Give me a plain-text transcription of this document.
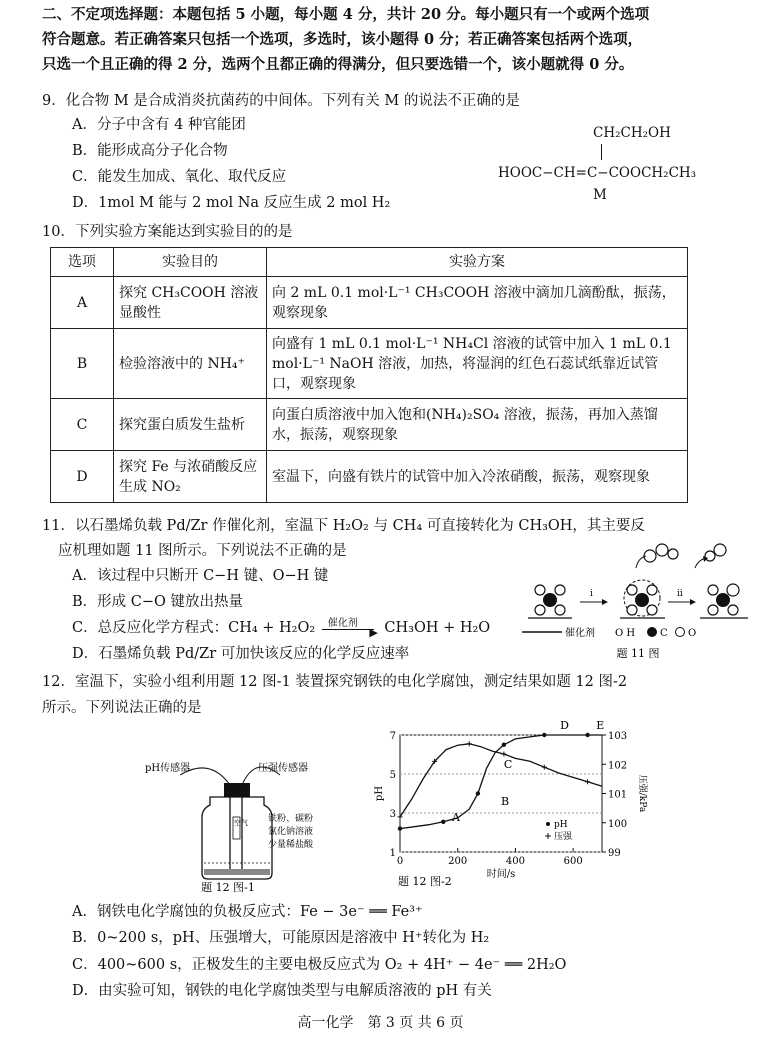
二、不定项选择题：本题包括 5 小题，每小题 4 分，共计 20 分。每小题只有一个或两个选项
符合题意。若正确答案只包括一个选项，多选时，该小题得 0 分；若正确答案包括两个选项，
只选一个且正确的得 2 分，选两个且都正确的得满分，但只要选错一个，该小题就得 0 分。
9．化合物 M 是合成消炎抗菌药的中间体。下列有关 M 的说法不正确的是
A．分子中含有 4 种官能团
B．能形成高分子化合物
C．能发生加成、氧化、取代反应
D．1mol M 能与 2 mol Na 反应生成 2 mol H₂
CH₂CH₂OH
HOOC−CH=C−COOCH₂CH₃
M
10．下列实验方案能达到实验目的的是
选项	实验目的	实验方案
A	探究 CH₃COOH 溶液显酸性	向 2 mL 0.1 mol·L⁻¹ CH₃COOH 溶液中滴加几滴酚酞，振荡，观察现象
B	检验溶液中的 NH₄⁺	向盛有 1 mL 0.1 mol·L⁻¹ NH₄Cl 溶液的试管中加入 1 mL 0.1 mol·L⁻¹ NaOH 溶液，加热，将湿润的红色石蕊试纸靠近试管口，观察现象
C	探究蛋白质发生盐析	向蛋白质溶液中加入饱和(NH₄)₂SO₄ 溶液，振荡，再加入蒸馏水，振荡，观察现象
D	探究 Fe 与浓硝酸反应生成 NO₂	室温下，向盛有铁片的试管中加入冷浓硝酸，振荡，观察现象
11．以石墨烯负载 Pd/Zr 作催化剂，室温下 H₂O₂ 与 CH₄ 可直接转化为 CH₃OH，其主要反
应机理如题 11 图所示。下列说法不正确的是
A．该过程中只断开 C−H 键、O−H 键
B．形成 C−O 键放出热量
C．总反应化学方程式：CH₄ + H₂O₂ 催化剂
▶ CH₃OH + H₂O
D．石墨烯负载 Pd/Zr 可加快该反应的化学反应速率
i	ii
催化剂 O H C O
题 11 图
12．室温下，实验小组利用题 12 图-1 装置探究钢铁的电化学腐蚀，测定结果如题 12 图-2
所示。下列说法正确的是
pH传感器	压强传感器
空气 铁粉、碳粉
氯化钠溶液
少量稀盐酸
题 12 图-1	题 12 图-2
0	200	400	600
1
3
5
7
99
100
101
102
103
时间/s
pH	压强/kPa
A
B
C
D E
pH
压强
A．钢铁电化学腐蚀的负极反应式：Fe − 3e⁻ ══ Fe³⁺
B．0~200 s，pH、压强增大，可能原因是溶液中 H⁺转化为 H₂
C．400~600 s，正极发生的主要电极反应式为 O₂ + 4H⁺ − 4e⁻ ══ 2H₂O
D．由实验可知，钢铁的电化学腐蚀类型与电解质溶液的 pH 有关
高一化学　第 3 页 共 6 页
